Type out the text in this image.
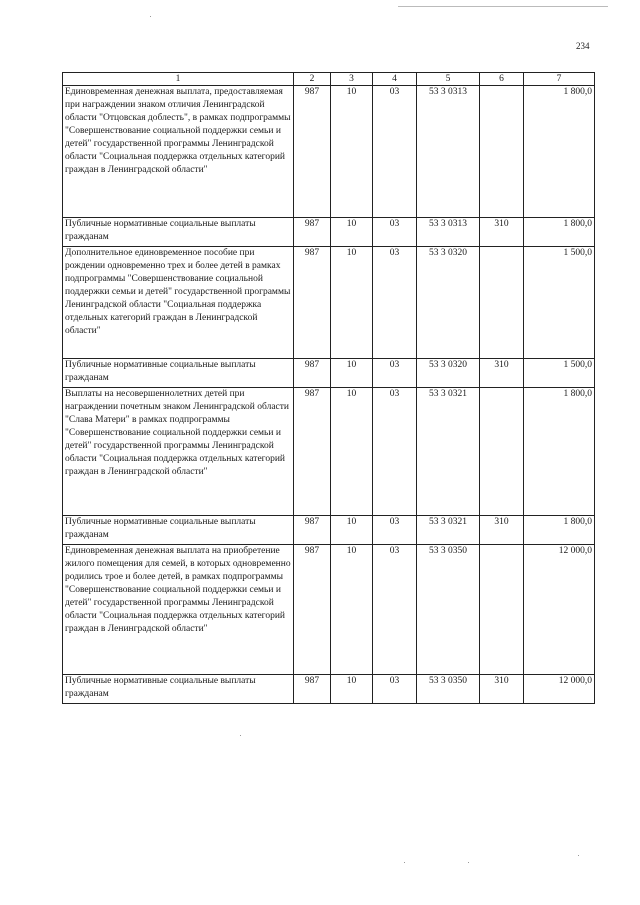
234
1	2	3	4	5	6	7
Единовременная денежная выплата, предоставляемая при награждении знаком отличия Ленинградской области "Отцовская доблесть", в рамках подпрограммы "Совершенствование социальной поддержки семьи и детей" государственной программы Ленинградской области "Социальная поддержка отдельных категорий граждан в Ленинградской области"	987	10	03	53 3 0313		1 800,0
Публичные нормативные социальные выплаты гражданам	987	10	03	53 3 0313	310	1 800,0
Дополнительное единовременное пособие при рождении одновременно трех и более детей в рамках подпрограммы "Совершенствование социальной поддержки семьи и детей" государственной программы Ленинградской области "Социальная поддержка отдельных категорий граждан в Ленинградской области"	987	10	03	53 3 0320		1 500,0
Публичные нормативные социальные выплаты гражданам	987	10	03	53 3 0320	310	1 500,0
Выплаты на несовершеннолетних детей при награждении почетным знаком Ленинградской области "Слава Матери" в рамках подпрограммы "Совершенствование социальной поддержки семьи и детей" государственной программы Ленинградской области "Социальная поддержка отдельных категорий граждан в Ленинградской области"	987	10	03	53 3 0321		1 800,0
Публичные нормативные социальные выплаты гражданам	987	10	03	53 3 0321	310	1 800,0
Единовременная денежная выплата на приобретение жилого помещения для семей, в которых одновременно родились трое и более детей, в рамках подпрограммы "Совершенствование социальной поддержки семьи и детей" государственной программы Ленинградской области "Социальная поддержка отдельных категорий граждан в Ленинградской области"	987	10	03	53 3 0350		12 000,0
Публичные нормативные социальные выплаты гражданам	987	10	03	53 3 0350	310	12 000,0
